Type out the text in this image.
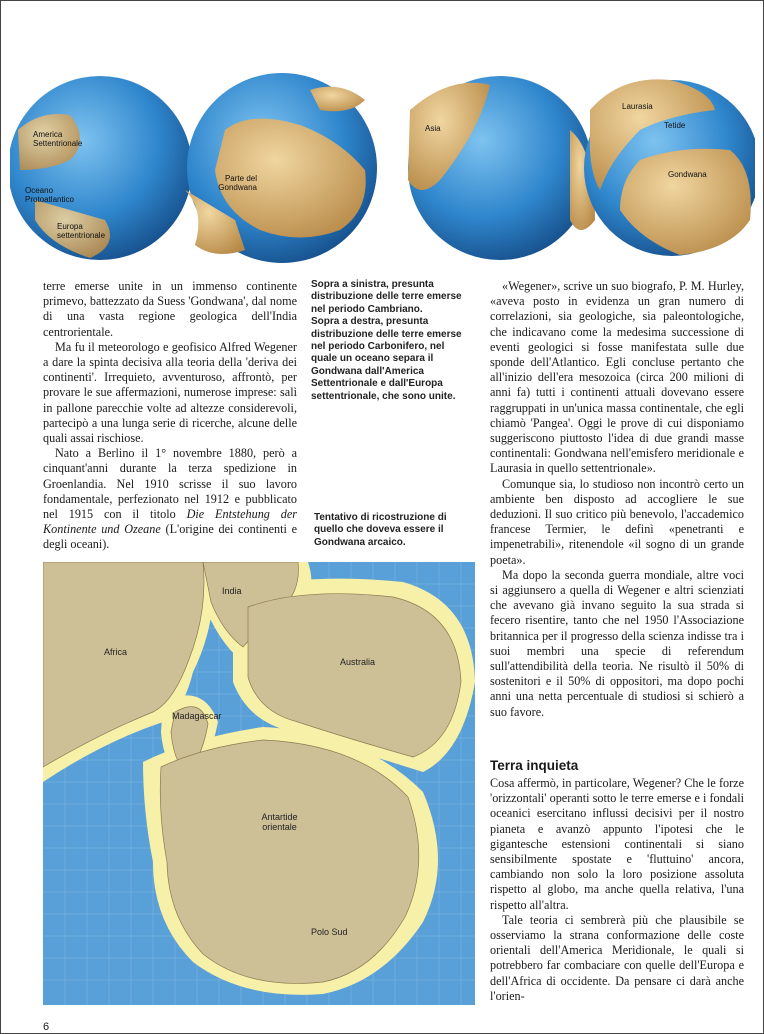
America Settentrionale
Oceano Protoatlantico
Europa settentrionale
Parte del Gondwana
Asia
Laurasia
Tetide
Gondwana

terre emerse unite in un immenso continente primevo, battezzato da Suess 'Gondwana', dal nome di una vasta regione geologica dell'India centrorientale.

Ma fu il meteorologo e geofisico Alfred Wegener a dare la spinta decisiva alla teoria della 'deriva dei continenti'. Irrequieto, avventuroso, affrontò, per provare le sue affermazioni, numerose imprese: salì in pallone parecchie volte ad altezze considerevoli, partecipò a una lunga serie di ricerche, alcune delle quali assai rischiose.

Nato a Berlino il 1° novembre 1880, però a cinquant'anni durante la terza spedizione in Groenlandia. Nel 1910 scrisse il suo lavoro fondamentale, perfezionato nel 1912 e pubblicato nel 1915 con il titolo Die Entstehung der Kontinente und Ozeane (L'origine dei continenti e degli oceani).

Sopra a sinistra, presunta distribuzione delle terre emerse nel periodo Cambriano.

Sopra a destra, presunta distribuzione delle terre emerse nel periodo Carbonifero, nel quale un oceano separa il Gondwana dall'America Settentrionale e dall'Europa settentrionale, che sono unite.

Tentativo di ricostruzione di quello che doveva essere il Gondwana arcaico.
India
Africa
Australia
Madagascar
Antartide orientale
Polo Sud

«Wegener», scrive un suo biografo, P. M. Hurley, «aveva posto in evidenza un gran numero di correlazioni, sia geologiche, sia paleontologiche, che indicavano come la medesima successione di eventi geologici si fosse manifestata sulle due sponde dell'Atlantico. Egli concluse pertanto che all'inizio dell'era mesozoica (circa 200 milioni di anni fa) tutti i continenti attuali dovevano essere raggruppati in un'unica massa continentale, che egli chiamò 'Pangea'. Oggi le prove di cui disponiamo suggeriscono piuttosto l'idea di due grandi masse continentali: Gondwana nell'emisfero meridionale e Laurasia in quello settentrionale».

Comunque sia, lo studioso non incontrò certo un ambiente ben disposto ad accogliere le sue deduzioni. Il suo critico più benevolo, l'accademico francese Termier, le definì «penetranti e impenetrabili», ritenendole «il sogno di un grande poeta».

Ma dopo la seconda guerra mondiale, altre voci si aggiunsero a quella di Wegener e altri scienziati che avevano già invano seguito la sua strada si fecero risentire, tanto che nel 1950 l'Associazione britannica per il progresso della scienza indisse tra i suoi membri una specie di referendum sull'attendibilità della teoria. Ne risultò il 50% di sostenitori e il 50% di oppositori, ma dopo pochi anni una netta percentuale di studiosi si schierò a suo favore.

Terra inquieta

Cosa affermò, in particolare, Wegener? Che le forze 'orizzontali' operanti sotto le terre emerse e i fondali oceanici esercitano influssi decisivi per il nostro pianeta e avanzò appunto l'ipotesi che le gigantesche estensioni continentali si siano sensibilmente spostate e 'fluttuino' ancora, cambiando non solo la loro posizione assoluta rispetto al globo, ma anche quella relativa, l'una rispetto all'altra.

Tale teoria ci sembrerà più che plausibile se osserviamo la strana conformazione delle coste orientali dell'America Meridionale, le quali si potrebbero far combaciare con quelle dell'Europa e dell'Africa di occidente. Da pensare ci darà anche l'orien-

6
